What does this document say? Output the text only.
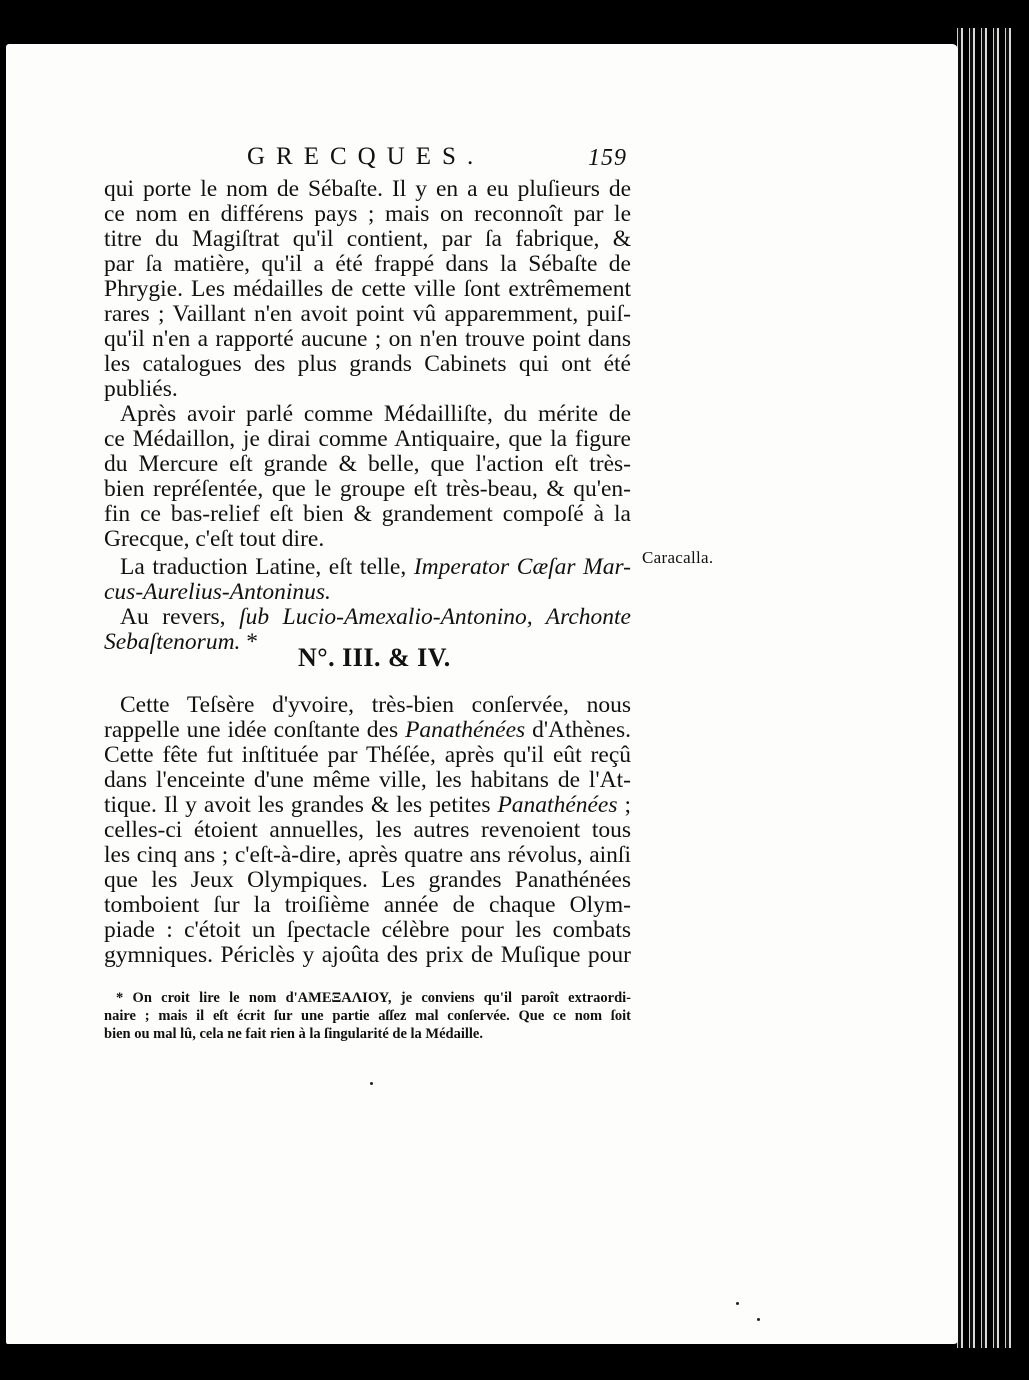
GRECQUES.	159
qui porte le nom de Sébaſte. Il y en a eu pluſieurs de
ce nom en différens pays ; mais on reconnoît par le
titre du Magiſtrat qu'il contient, par ſa fabrique, &
par ſa matière, qu'il a été frappé dans la Sébaſte de
Phrygie. Les médailles de cette ville ſont extrêmement
rares ; Vaillant n'en avoit point vû apparemment, puiſ-
qu'il n'en a rapporté aucune ; on n'en trouve point dans
les catalogues des plus grands Cabinets qui ont été
publiés.
Après avoir parlé comme Médailliſte, du mérite de
ce Médaillon, je dirai comme Antiquaire, que la figure
du Mercure eſt grande & belle, que l'action eſt très-
bien repréſentée, que le groupe eſt très-beau, & qu'en-
fin ce bas-relief eſt bien & grandement compoſé à la
Grecque, c'eſt tout dire.
La traduction Latine, eſt telle, Imperator Cæſar Mar-
cus-Aurelius-Antoninus.
Au revers, ſub Lucio-Amexalio-Antonino, Archonte
Sebaſtenorum. *
Caracalla.
N°. III. & IV.
Cette Teſsère d'yvoire, très-bien conſervée, nous
rappelle une idée conſtante des Panathénées d'Athènes.
Cette fête fut inſtituée par Théſée, après qu'il eût reçû
dans l'enceinte d'une même ville, les habitans de l'At-
tique. Il y avoit les grandes & les petites Panathénées ;
celles-ci étoient annuelles, les autres revenoient tous
les cinq ans ; c'eſt-à-dire, après quatre ans révolus, ainſi
que les Jeux Olympiques. Les grandes Panathénées
tomboient ſur la troiſième année de chaque Olym-
piade : c'étoit un ſpectacle célèbre pour les combats
gymniques. Périclès y ajoûta des prix de Muſique pour
* On croit lire le nom d'ΑΜΕΞΑΛΙΟΥ, je conviens qu'il paroît extraordi-
naire ; mais il eſt écrit ſur une partie aſſez mal conſervée. Que ce nom ſoit
bien ou mal lû, cela ne fait rien à la ſingularité de la Médaille.
